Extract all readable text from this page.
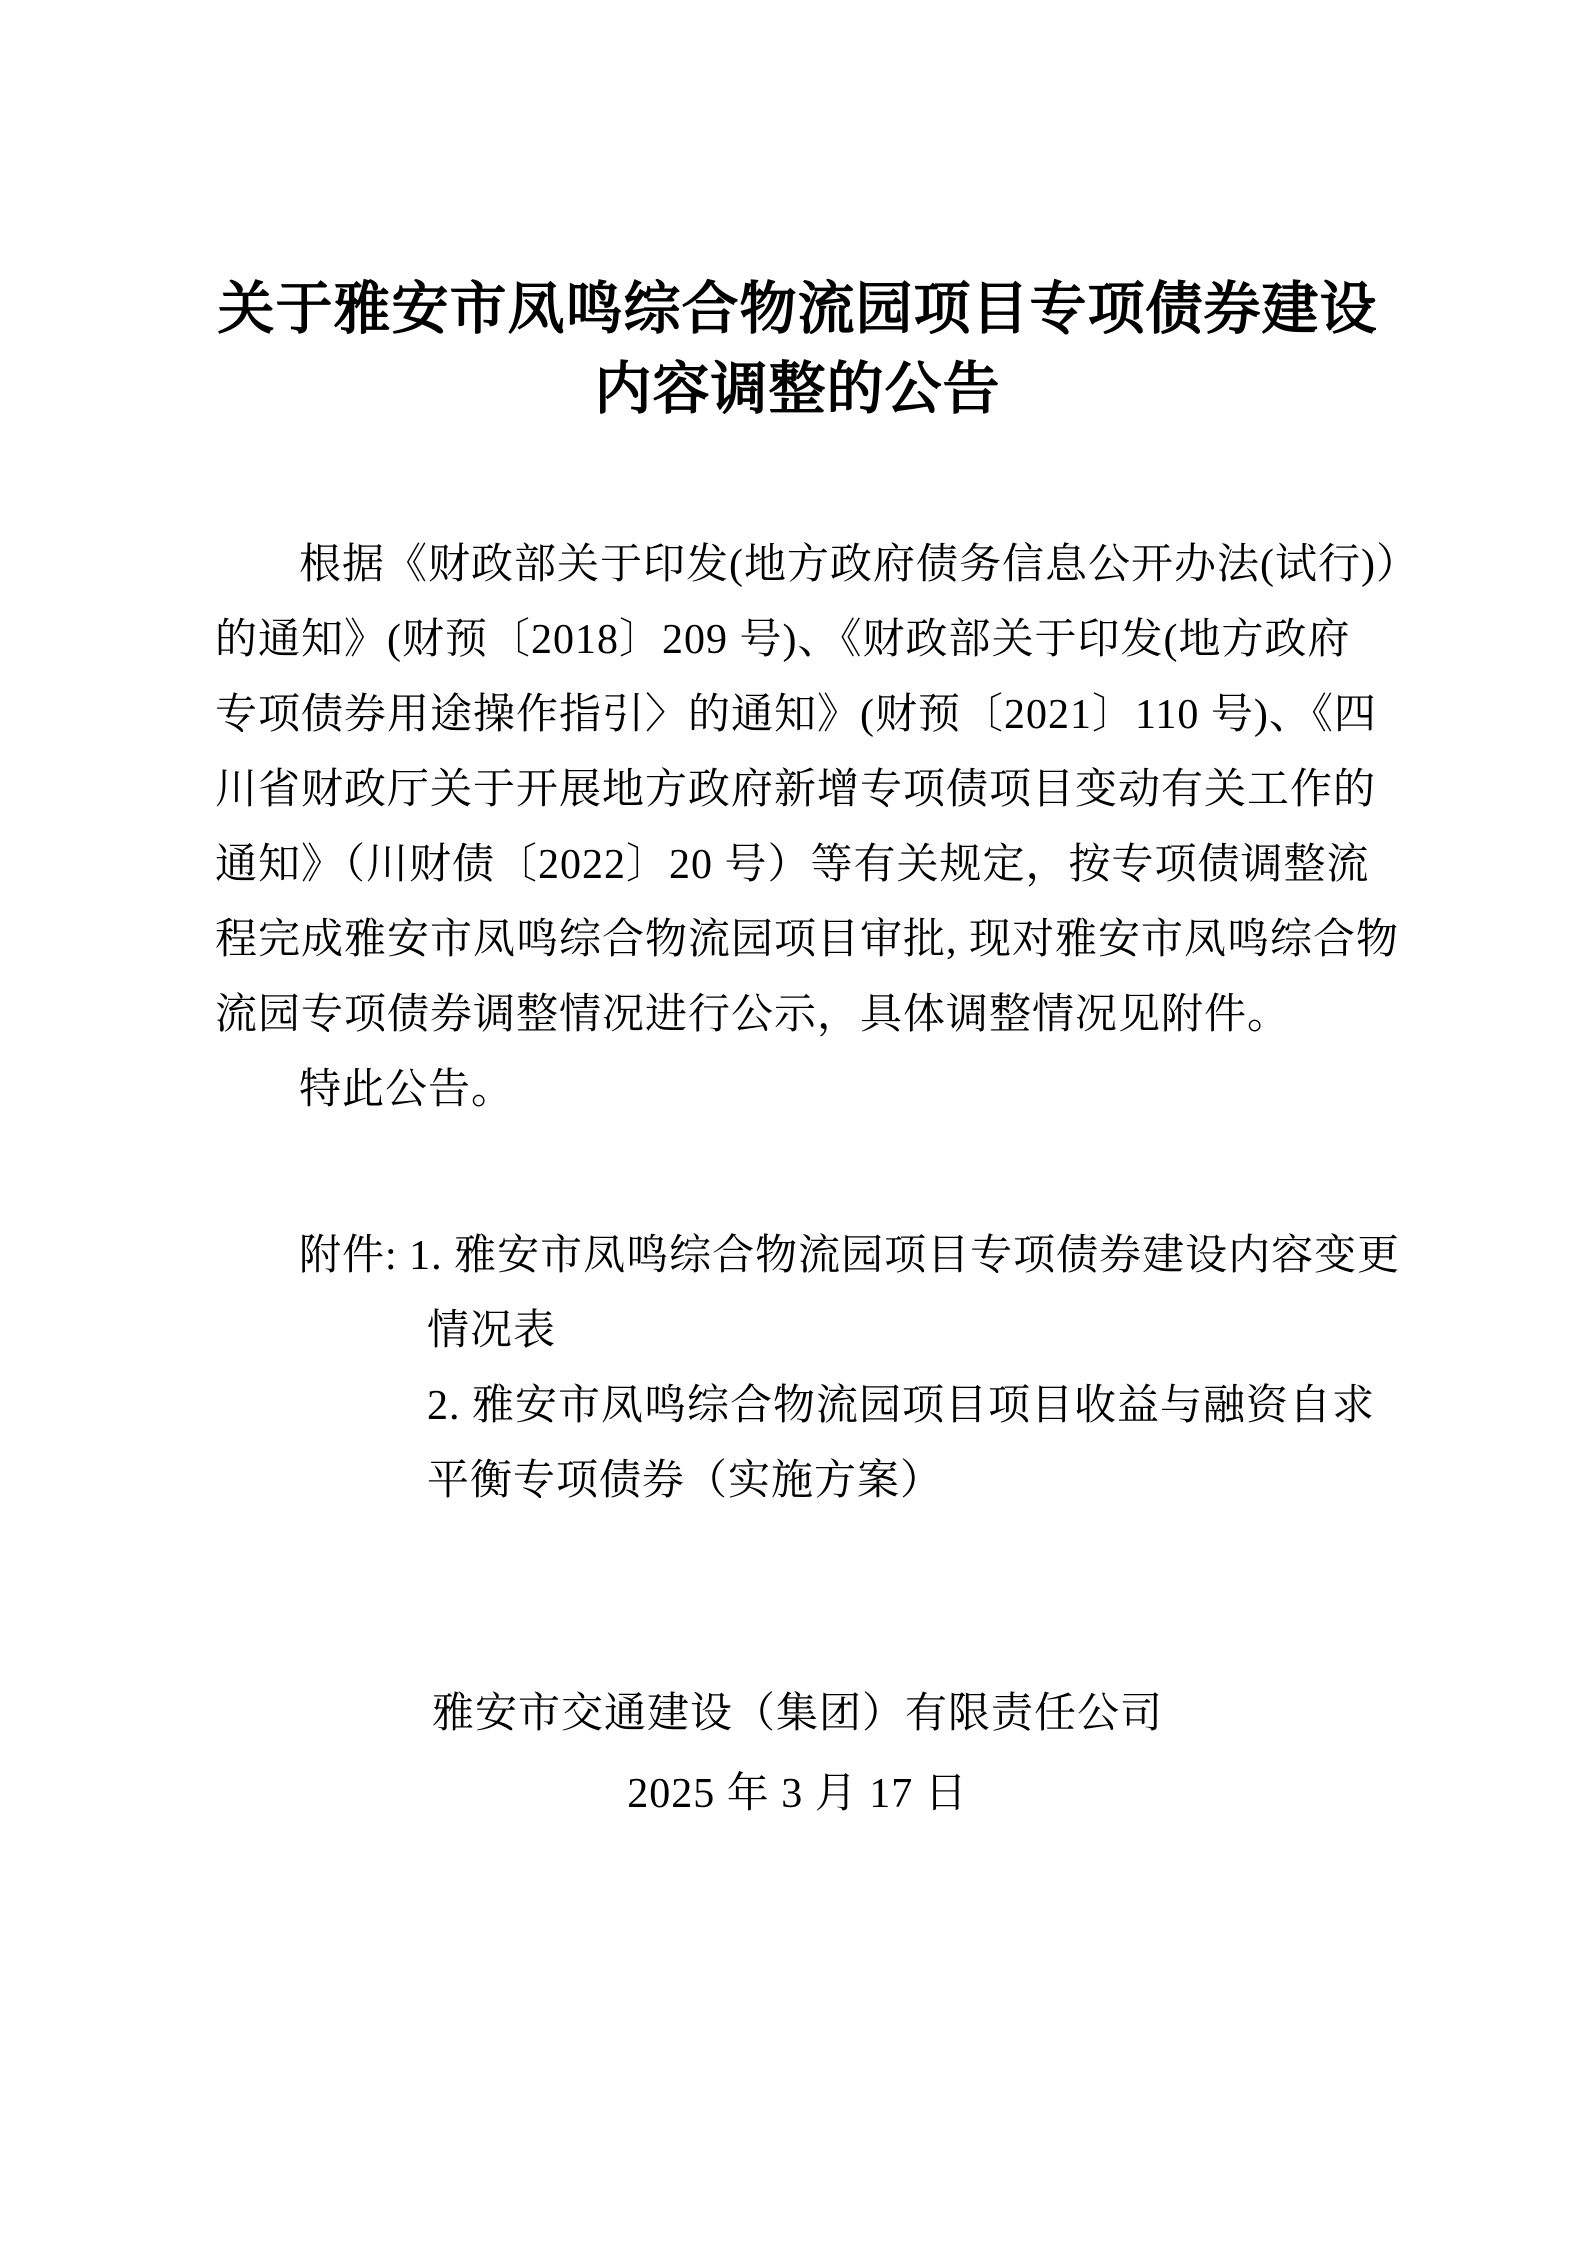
关于雅安市凤鸣综合物流园项目专项债券建设
内容调整的公告
根据《财政部关于印发(地方政府债务信息公开办法(试行)）
的通知》(财预〔2018〕209 号)、《财政部关于印发(地方政府
专项债券用途操作指引〉的通知》(财预〔2021〕110 号)、《四
川省财政厅关于开展地方政府新增专项债项目变动有关工作的
通知》（川财债〔2022〕20 号）等有关规定，按专项债调整流
程完成雅安市凤鸣综合物流园项目审批, 现对雅安市凤鸣综合物
流园专项债券调整情况进行公示，具体调整情况见附件。
特此公告。
附件: 1. 雅安市凤鸣综合物流园项目专项债券建设内容变更
情况表
2. 雅安市凤鸣综合物流园项目项目收益与融资自求
平衡专项债券（实施方案）
雅安市交通建设（集团）有限责任公司
2025 年 3 月 17 日
